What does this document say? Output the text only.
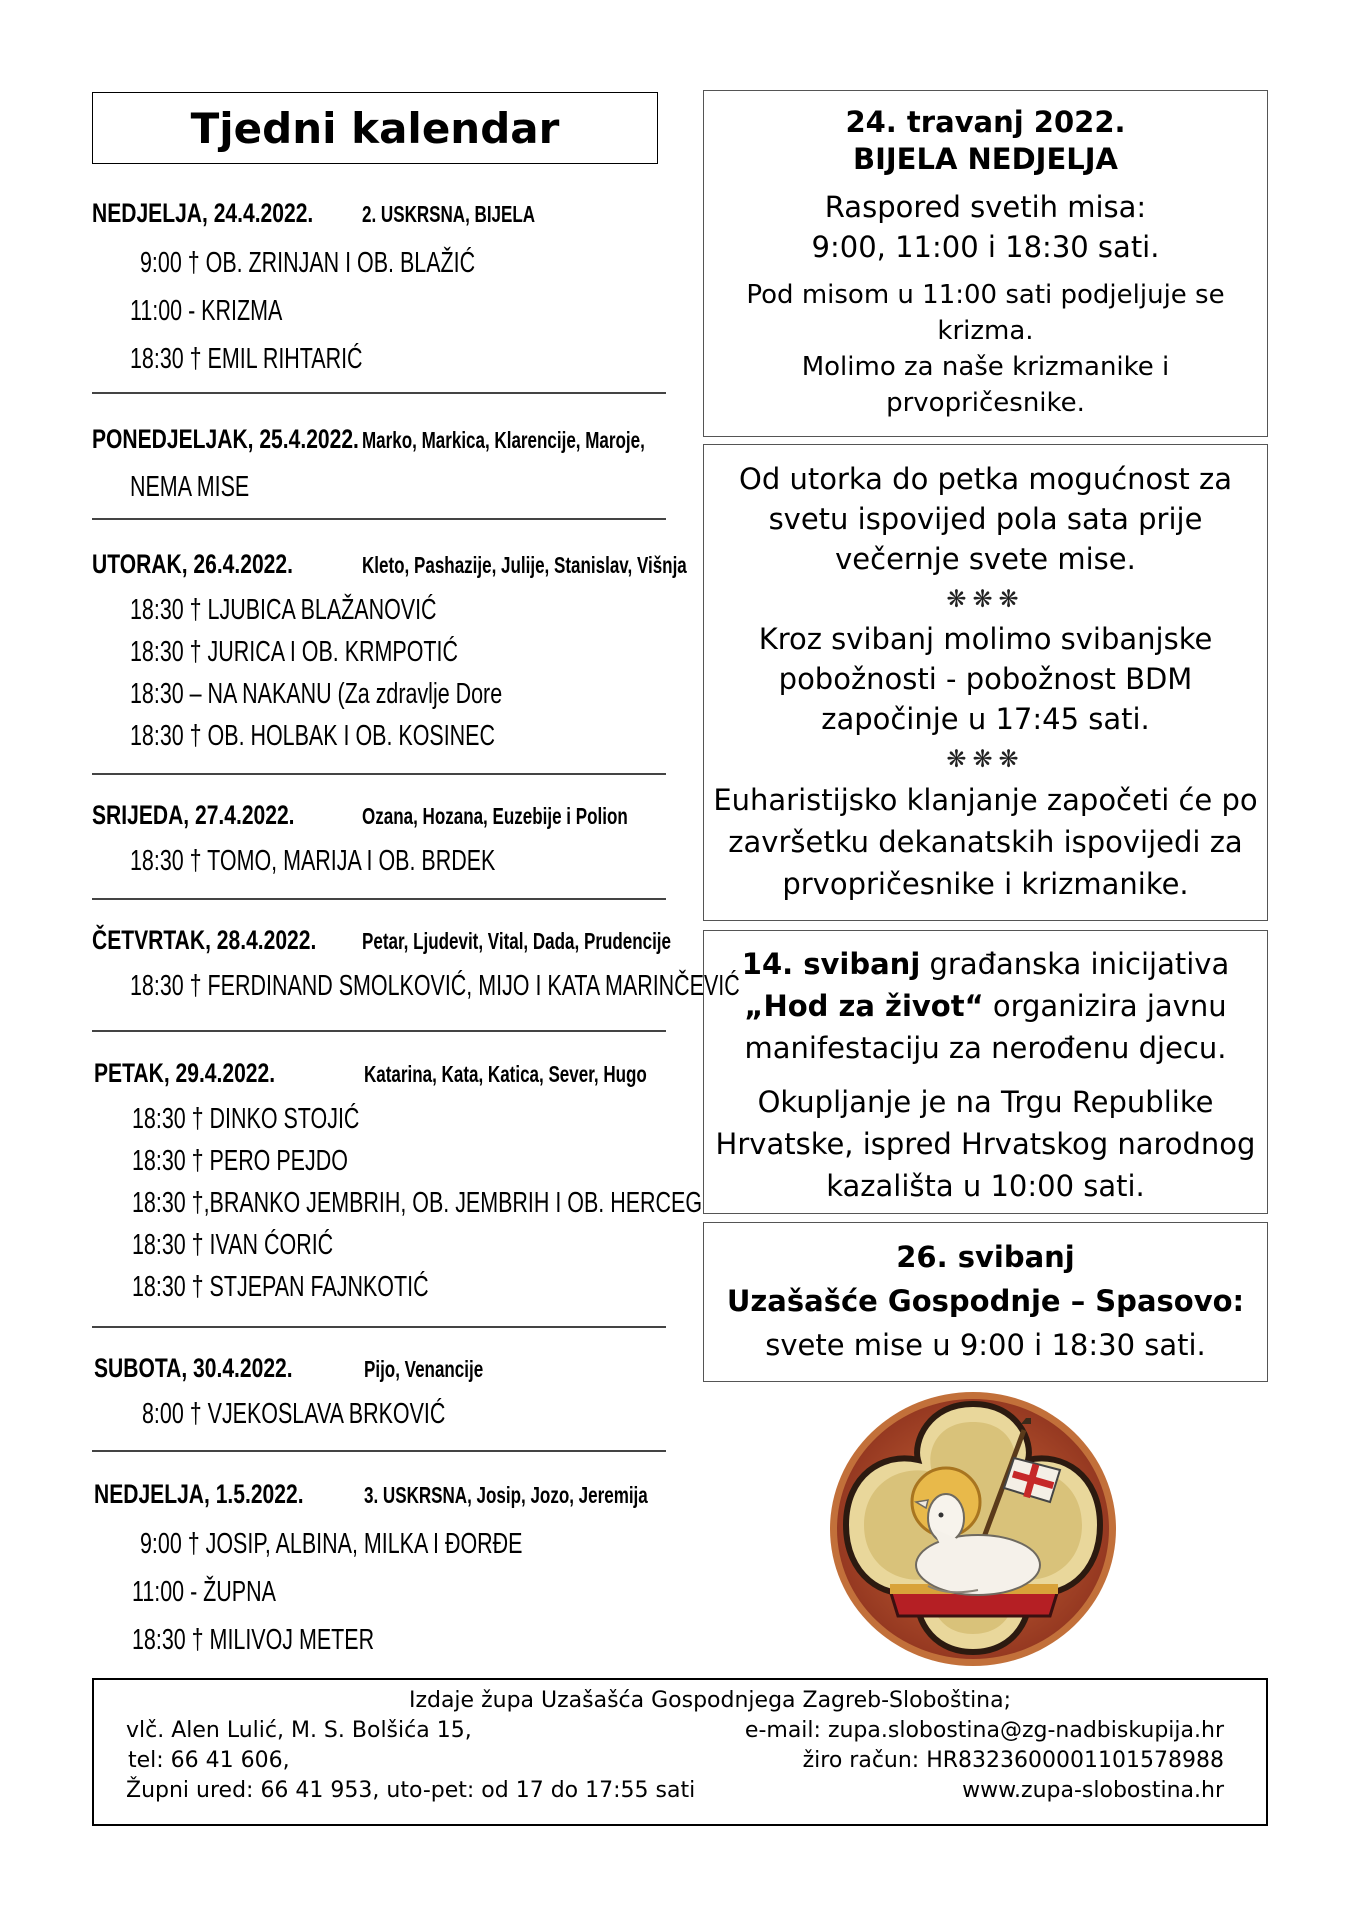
Tjedni kalendar
NEDJELJA, 24.4.2022. 2. USKRSNA, BIJELA
9:00 † OB. ZRINJAN I OB. BLAŽIĆ
11:00 - KRIZMA
18:30 † EMIL RIHTARIĆ
PONEDJELJAK, 25.4.2022. Marko, Markica, Klarencije, Maroje,
NEMA MISE
UTORAK, 26.4.2022.	Kleto, Pashazije, Julije, Stanislav, Višnja
18:30 † LJUBICA BLAŽANOVIĆ
18:30 † JURICA I OB. KRMPOTIĆ
18:30 – NA NAKANU (Za zdravlje Dore
18:30 † OB. HOLBAK I OB. KOSINEC
SRIJEDA, 27.4.2022.	Ozana, Hozana, Euzebije i Polion
18:30 † TOMO, MARIJA I OB. BRDEK
ČETVRTAK, 28.4.2022. Petar, Ljudevit, Vital, Dada, Prudencije
18:30 † FERDINAND SMOLKOVIĆ, MIJO I KATA MARINČEVIĆ
PETAK, 29.4.2022.	Katarina, Kata, Katica, Sever, Hugo
18:30 † DINKO STOJIĆ
18:30 † PERO PEJDO
18:30 †,BRANKO JEMBRIH, OB. JEMBRIH I OB. HERCEG
18:30 † IVAN ĆORIĆ
18:30 † STJEPAN FAJNKOTIĆ
SUBOTA, 30.4.2022.	Pijo, Venancije
8:00 † VJEKOSLAVA BRKOVIĆ
NEDJELJA, 1.5.2022.	3. USKRSNA, Josip, Jozo, Jeremija
9:00 † JOSIP, ALBINA, MILKA I ĐORĐE
11:00 - ŽUPNA
18:30 † MILIVOJ METER

24. travanj 2022.

BIJELA NEDJELJA

Raspored svetih misa:

9:00, 11:00 i 18:30 sati.

Pod misom u 11:00 sati podjeljuje se

krizma.

Molimo za naše krizmanike i

prvopričesnike.

Od utorka do petka mogućnost za

svetu ispovijed pola sata prije

večernje svete mise.

❋❋❋

Kroz svibanj molimo svibanjske

pobožnosti - pobožnost BDM

započinje u 17:45 sati.

❋❋❋

Euharistijsko klanjanje započeti će po

završetku dekanatskih ispovijedi za

prvopričesnike i krizmanike.

14. svibanj građanska inicijativa

„Hod za život“ organizira javnu

manifestaciju za nerođenu djecu.

Okupljanje je na Trgu Republike

Hrvatske, ispred Hrvatskog narodnog

kazališta u 10:00 sati.

26. svibanj

Uzašašće Gospodnje – Spasovo:

svete mise u 9:00 i 18:30 sati.

Izdaje župa Uzašašća Gospodnjega Zagreb-Sloboština;
vlč. Alen Lulić, M. S. Bolšića 15,	e-mail: zupa.slobostina@zg-nadbiskupija.hr
tel: 66 41 606,	žiro račun: HR8323600001101578988
Župni ured: 66 41 953, uto-pet: od 17 do 17:55 sati	www.zupa-slobostina.hr
